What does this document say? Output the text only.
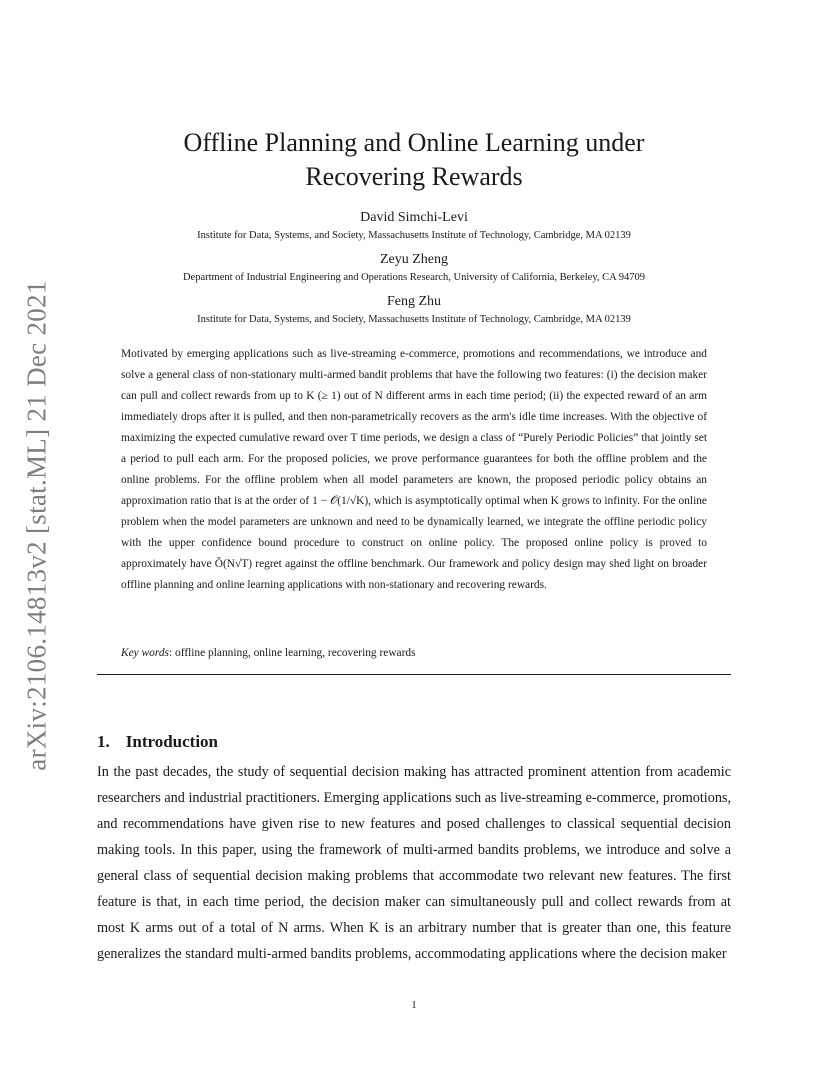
arXiv:2106.14813v2 [stat.ML] 21 Dec 2021
Offline Planning and Online Learning under
Recovering Rewards
David Simchi-Levi
Institute for Data, Systems, and Society, Massachusetts Institute of Technology, Cambridge, MA 02139
Zeyu Zheng
Department of Industrial Engineering and Operations Research, University of California, Berkeley, CA 94709
Feng Zhu
Institute for Data, Systems, and Society, Massachusetts Institute of Technology, Cambridge, MA 02139

Motivated by emerging applications such as live-streaming e-commerce, promotions and recommendations, we introduce and solve a general class of non-stationary multi-armed bandit problems that have the following two features: (i) the decision maker can pull and collect rewards from up to K (≥ 1) out of N different arms in each time period; (ii) the expected reward of an arm immediately drops after it is pulled, and then non-parametrically recovers as the arm's idle time increases. With the objective of maximizing the expected cumulative reward over T time periods, we design a class of “Purely Periodic Policies” that jointly set a period to pull each arm. For the proposed policies, we prove performance guarantees for both the offline problem and the online problems. For the offline problem when all model parameters are known, the proposed periodic policy obtains an approximation ratio that is at the order of 1 − 𝒪(1/√K), which is asymptotically optimal when K grows to infinity. For the online problem when the model parameters are unknown and need to be dynamically learned, we integrate the offline periodic policy with the upper confidence bound procedure to construct on online policy. The proposed online policy is proved to approximately have Õ(N√T) regret against the offline benchmark. Our framework and policy design may shed light on broader offline planning and online learning applications with non-stationary and recovering rewards.

Key words: offline planning, online learning, recovering rewards
1. Introduction

In the past decades, the study of sequential decision making has attracted prominent attention from academic researchers and industrial practitioners. Emerging applications such as live-streaming e-commerce, promotions, and recommendations have given rise to new features and posed challenges to classical sequential decision making tools. In this paper, using the framework of multi-armed bandits problems, we introduce and solve a general class of sequential decision making problems that accommodate two relevant new features. The first feature is that, in each time period, the decision maker can simultaneously pull and collect rewards from at most K arms out of a total of N arms. When K is an arbitrary number that is greater than one, this feature generalizes the standard multi-armed bandits problems, accommodating applications where the decision maker

1
